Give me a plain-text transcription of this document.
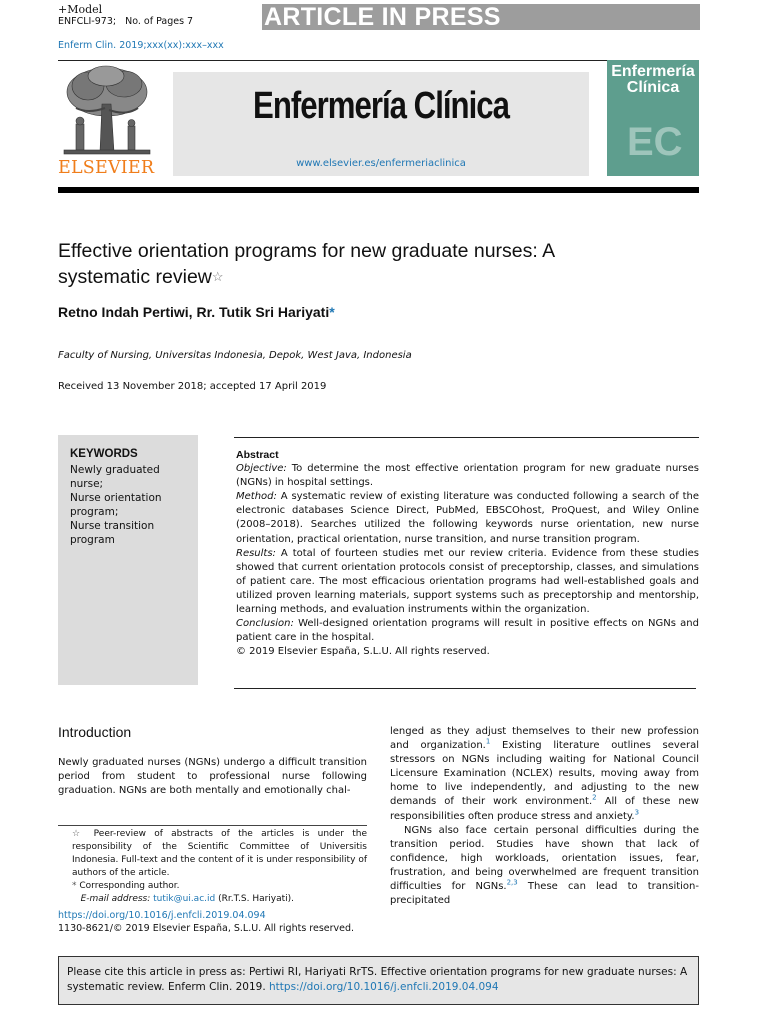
+Model
ENFCLI-973; No. of Pages 7	ARTICLE IN PRESS
Enferm Clin. 2019;xxx(xx):xxx–xxx
ELSEVIER
Enfermería Clínica
www.elsevier.es/enfermeriaclinica
Enfermería
Clínica
EC
Effective orientation programs for new graduate nurses: A systematic review☆
Retno Indah Pertiwi, Rr. Tutik Sri Hariyati*
Faculty of Nursing, Universitas Indonesia, Depok, West Java, Indonesia
Received 13 November 2018; accepted 17 April 2019
KEYWORDS
Newly graduated
nurse;
Nurse orientation
program;
Nurse transition
program
Abstract
Objective: To determine the most effective orientation program for new graduate nurses (NGNs) in hospital settings.
Method: A systematic review of existing literature was conducted following a search of the electronic databases Science Direct, PubMed, EBSCOhost, ProQuest, and Wiley Online (2008–2018). Searches utilized the following keywords nurse orientation, new nurse orientation, practical orientation, nurse transition, and nurse transition program.
Results: A total of fourteen studies met our review criteria. Evidence from these studies showed that current orientation protocols consist of preceptorship, classes, and simulations of patient care. The most efficacious orientation programs had well-established goals and utilized proven learning materials, support systems such as preceptorship and mentorship, learning methods, and evaluation instruments within the organization.
Conclusion: Well-designed orientation programs will result in positive effects on NGNs and patient care in the hospital.
© 2019 Elsevier España, S.L.U. All rights reserved.
Introduction
Newly graduated nurses (NGNs) undergo a difficult transition period from student to professional nurse following graduation. NGNs are both mentally and emotionally chal-

lenged as they adjust themselves to their new profession and organization.$^1$ Existing literature outlines several stressors on NGNs including waiting for National Council Licensure Examination (NCLEX) results, moving away from home to live independently, and adjusting to the new demands of their work environment.$^2$ All of these new responsibilities often produce stress and anxiety.$^3$

NGNs also face certain personal difficulties during the transition period. Studies have shown that lack of confidence, high workloads, orientation issues, fear, frustration, and being overwhelmed are frequent transition difficulties for NGNs.$^{2,3}$ These can lead to transition-precipitated

☆ Peer-review of abstracts of the articles is under the responsibility of the Scientific Committee of Universitis Indonesia. Full-text and the content of it is under responsibility of authors of the article.
* Corresponding author.
E-mail address: tutik@ui.ac.id (Rr.T.S. Hariyati).
https://doi.org/10.1016/j.enfcli.2019.04.094
1130-8621/© 2019 Elsevier España, S.L.U. All rights reserved.
Please cite this article in press as: Pertiwi RI, Hariyati RrTS. Effective orientation programs for new graduate nurses: A systematic review. Enferm Clin. 2019. https://doi.org/10.1016/j.enfcli.2019.04.094
